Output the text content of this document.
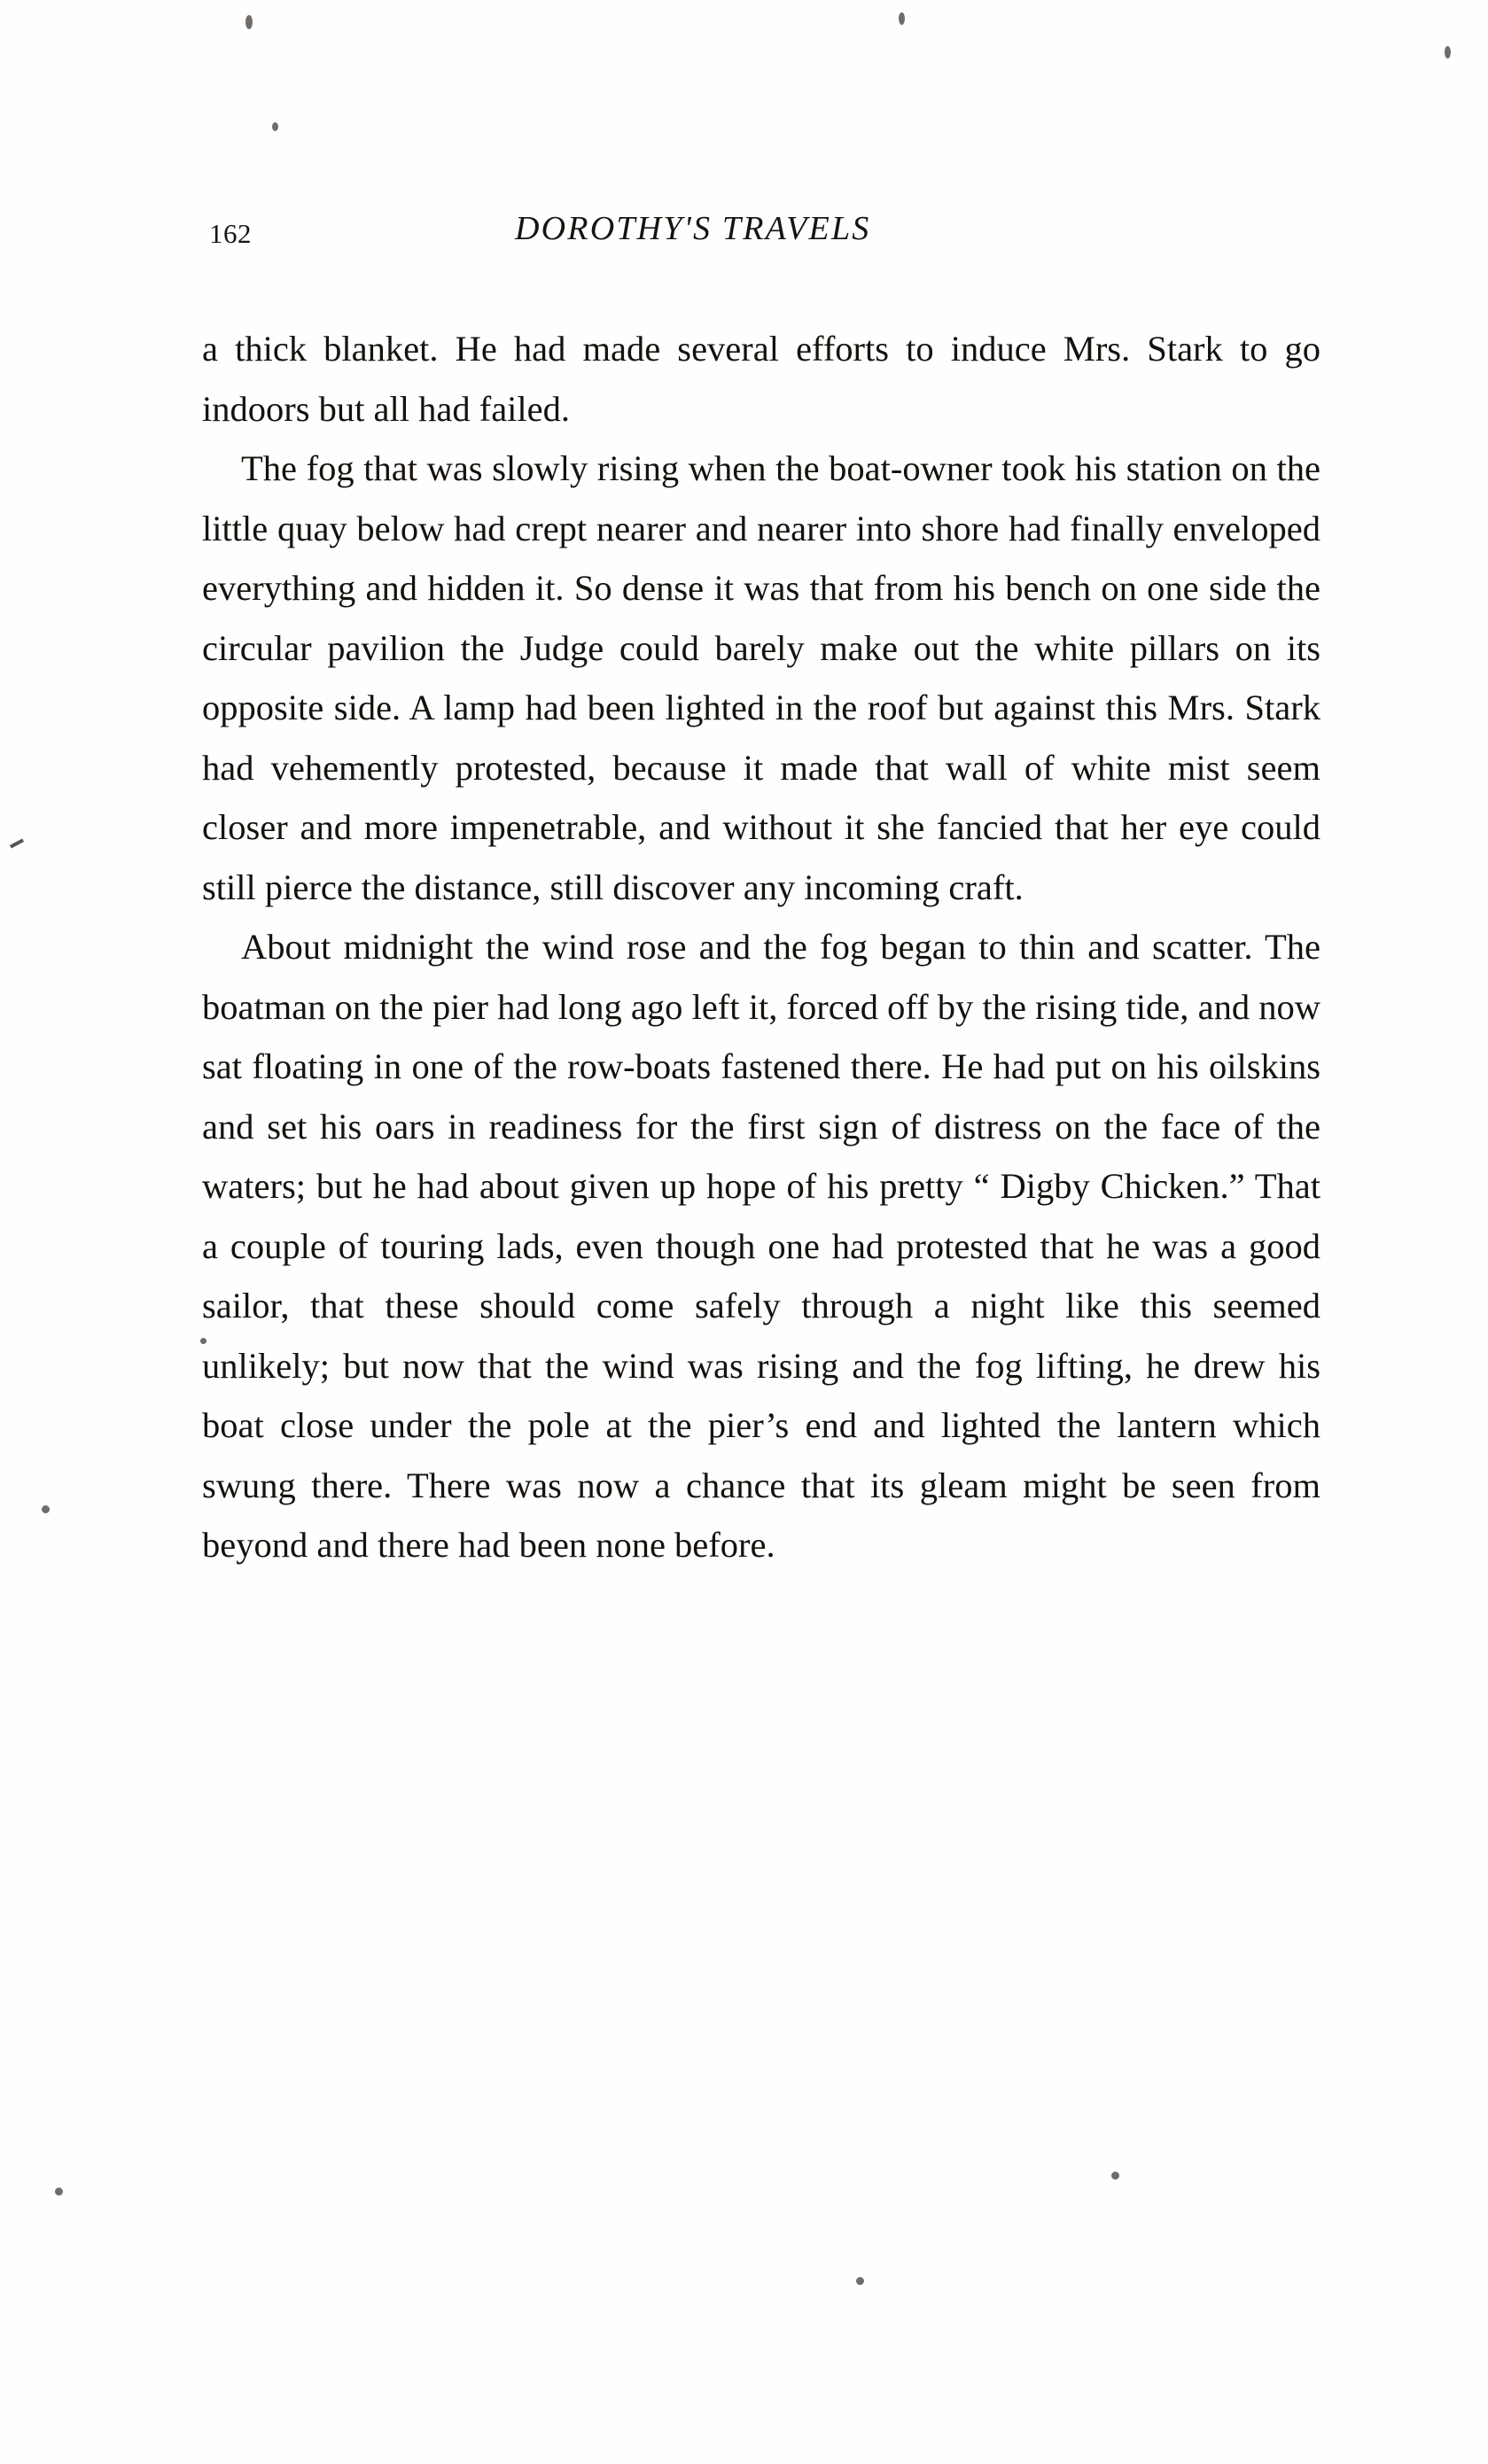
162	DOROTHY'S TRAVELS

a thick blanket. He had made several efforts to induce Mrs. Stark to go indoors but all had failed.

The fog that was slowly rising when the boat-owner took his station on the little quay below had crept nearer and nearer into shore had finally enveloped everything and hidden it. So dense it was that from his bench on one side the circular pavilion the Judge could barely make out the white pillars on its opposite side. A lamp had been lighted in the roof but against this Mrs. Stark had vehemently protested, because it made that wall of white mist seem closer and more impenetrable, and without it she fancied that her eye could still pierce the distance, still discover any incoming craft.

About midnight the wind rose and the fog began to thin and scatter. The boatman on the pier had long ago left it, forced off by the rising tide, and now sat floating in one of the row-boats fastened there. He had put on his oilskins and set his oars in readiness for the first sign of distress on the face of the waters; but he had about given up hope of his pretty “ Digby Chicken.” That a couple of touring lads, even though one had protested that he was a good sailor, that these should come safely through a night like this seemed unlikely; but now that the wind was rising and the fog lifting, he drew his boat close under the pole at the pier’s end and lighted the lantern which swung there. There was now a chance that its gleam might be seen from beyond and there had been none before.
